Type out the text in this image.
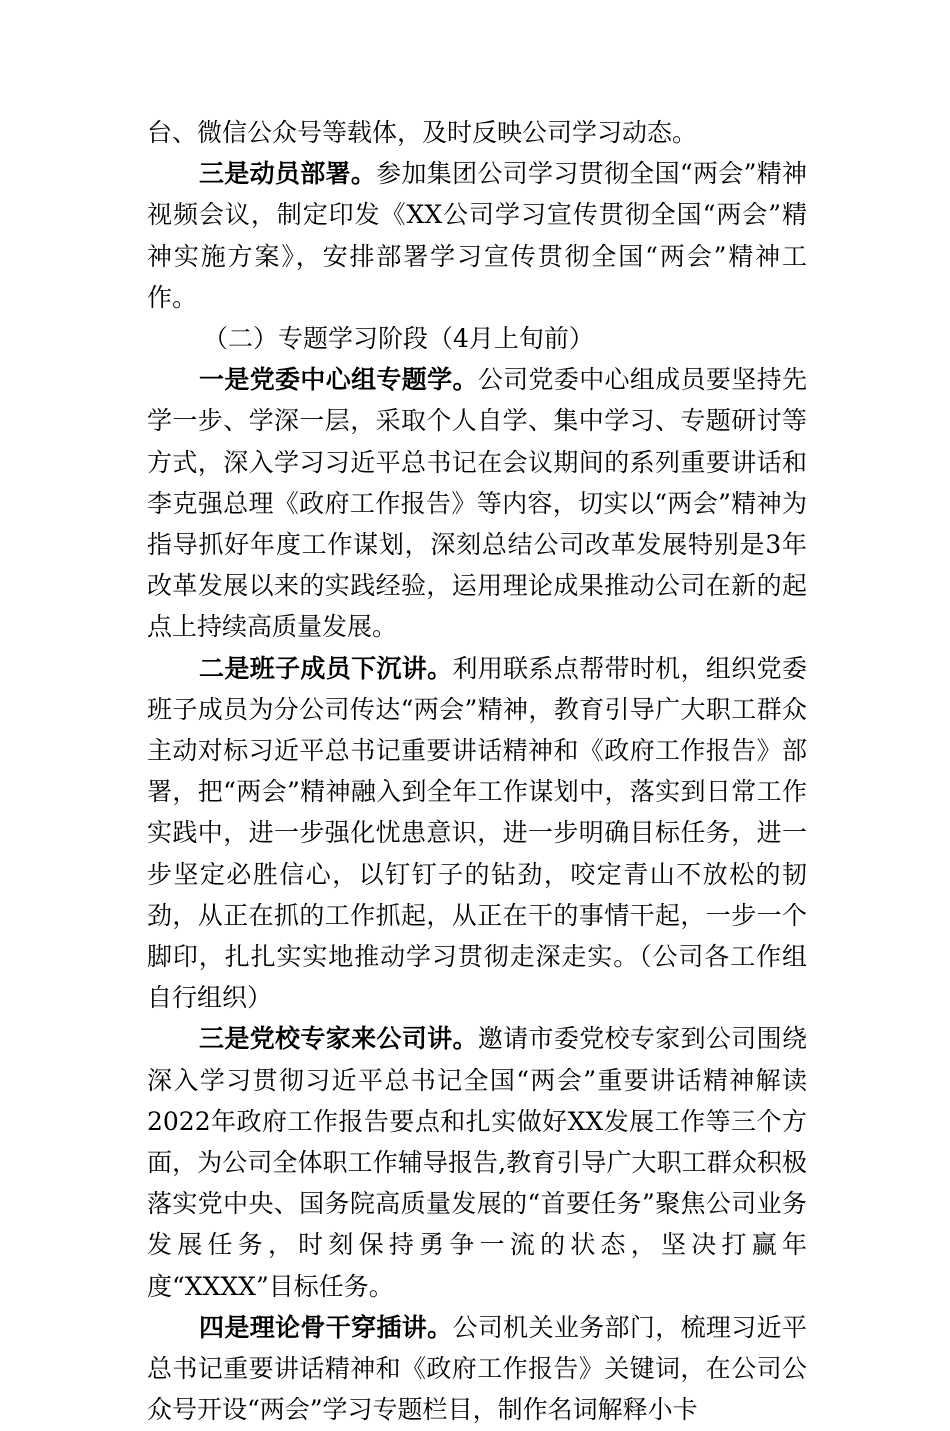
台、微信公众号等载体，及时反映公司学习动态。

三是动员部署。参加集团公司学习贯彻全国“两会”精神视频会议，制定印发《XX公司学习宣传贯彻全国“两会”精神实施方案》，安排部署学习宣传贯彻全国“两会”精神工作。

（二）专题学习阶段（4月上旬前）

一是党委中心组专题学。公司党委中心组成员要坚持先学一步、学深一层，采取个人自学、集中学习、专题研讨等方式，深入学习习近平总书记在会议期间的系列重要讲话和李克强总理《政府工作报告》等内容，切实以“两会”精神为指导抓好年度工作谋划，深刻总结公司改革发展特别是3年改革发展以来的实践经验，运用理论成果推动公司在新的起点上持续高质量发展。

二是班子成员下沉讲。利用联系点帮带时机，组织党委班子成员为分公司传达“两会”精神，教育引导广大职工群众主动对标习近平总书记重要讲话精神和《政府工作报告》部署，把“两会”精神融入到全年工作谋划中，落实到日常工作实践中，进一步强化忧患意识，进一步明确目标任务，进一步坚定必胜信心，以钉钉子的钻劲，咬定青山不放松的韧劲，从正在抓的工作抓起，从正在干的事情干起，一步一个脚印，扎扎实实地推动学习贯彻走深走实。（公司各工作组自行组织）

三是党校专家来公司讲。邀请市委党校专家到公司围绕深入学习贯彻习近平总书记全国“两会”重要讲话精神解读2022年政府工作报告要点和扎实做好XX发展工作等三个方面，为公司全体职工作辅导报告,教育引导广大职工群众积极落实党中央、国务院高质量发展的“首要任务”聚焦公司业务发展任务，时刻保持勇争一流的状态，坚决打赢年度“XXXX”目标任务。

四是理论骨干穿插讲。公司机关业务部门，梳理习近平总书记重要讲话精神和《政府工作报告》关键词，在公司公众号开设“两会”学习专题栏目，制作名词解释小卡
